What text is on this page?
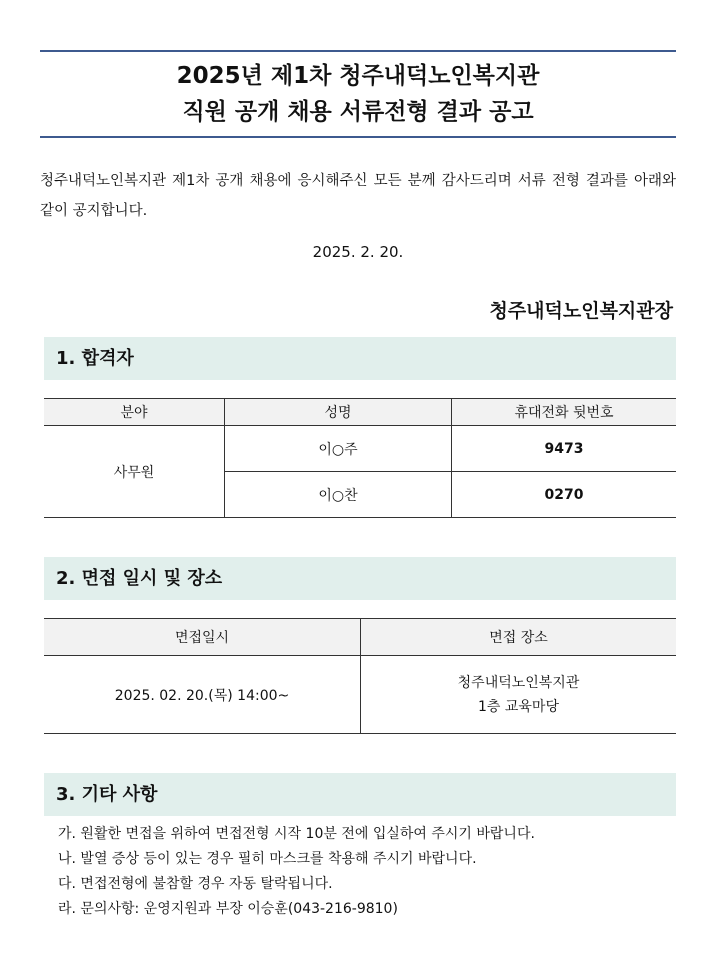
2025년 제1차 청주내덕노인복지관
직원 공개 채용 서류전형 결과 공고
청주내덕노인복지관 제1차 공개 채용에 응시해주신 모든 분께 감사드리며 서류 전형 결과를 아래와 같이 공지합니다.
2025. 2. 20.
청주내덕노인복지관장
1. 합격자
분야	성명	휴대전화 뒷번호
사무원	이○주	9473
	이○찬	0270
2. 면접 일시 및 장소
면접일시	면접 장소
2025. 02. 20.(목) 14:00~	청주내덕노인복지관
1층 교육마당
3. 기타 사항
가. 원활한 면접을 위하여 면접전형 시작 10분 전에 입실하여 주시기 바랍니다.
나. 발열 증상 등이 있는 경우 필히 마스크를 착용해 주시기 바랍니다.
다. 면접전형에 불참할 경우 자동 탈락됩니다.
라. 문의사항: 운영지원과 부장 이승훈(043-216-9810)
